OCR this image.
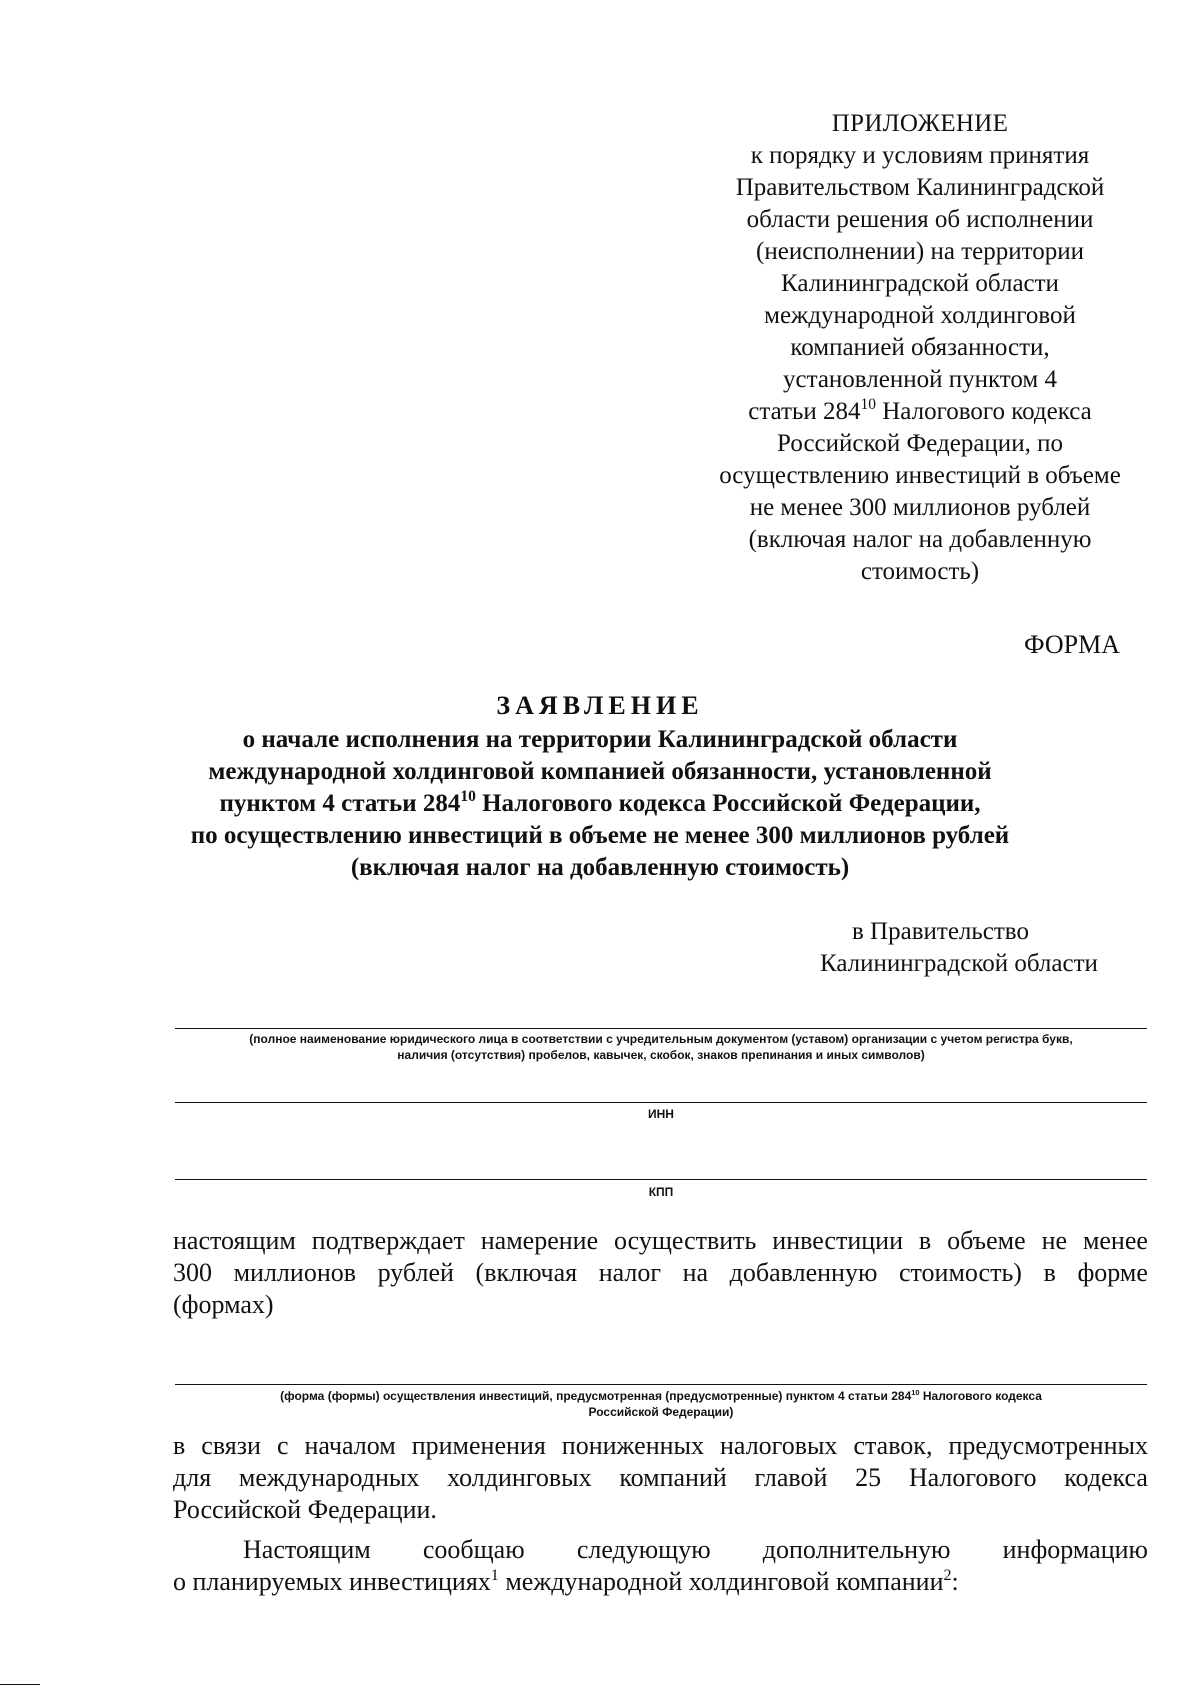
ПРИЛОЖЕНИЕ
к порядку и условиям принятия
Правительством Калининградской
области решения об исполнении
(неисполнении) на территории
Калининградской области
международной холдинговой
компанией обязанности,
установленной пунктом 4
статьи $284^{10}$ Налогового кодекса
Российской Федерации, по
осуществлению инвестиций в объеме
не менее 300 миллионов рублей
(включая налог на добавленную
стоимость)
ФОРМА
ЗАЯВЛЕНИЕ
о начале исполнения на территории Калининградской области
международной холдинговой компанией обязанности, установленной
пунктом 4 статьи $284^{10}$ Налогового кодекса Российской Федерации,
по осуществлению инвестиций в объеме не менее 300 миллионов рублей
(включая налог на добавленную стоимость)
в Правительство
Калининградской области
(полное наименование юридического лица в соответствии с учредительным документом (уставом) организации с учетом регистра букв,
наличия (отсутствия) пробелов, кавычек, скобок, знаков препинания и иных символов)
ИНН
КПП
настоящим подтверждает намерение осуществить инвестиции в объеме не менее
300 миллионов рублей (включая налог на добавленную стоимость) в форме
(формах)
(форма (формы) осуществления инвестиций, предусмотренная (предусмотренные) пунктом 4 статьи $284^{10}$ Налогового кодекса
Российской Федерации)
в связи с началом применения пониженных налоговых ставок, предусмотренных
для международных холдинговых компаний главой 25 Налогового кодекса
Российской Федерации.
Настоящим сообщаю следующую дополнительную информацию
о планируемых инвестициях$^1$ международной холдинговой компании$^2$:
